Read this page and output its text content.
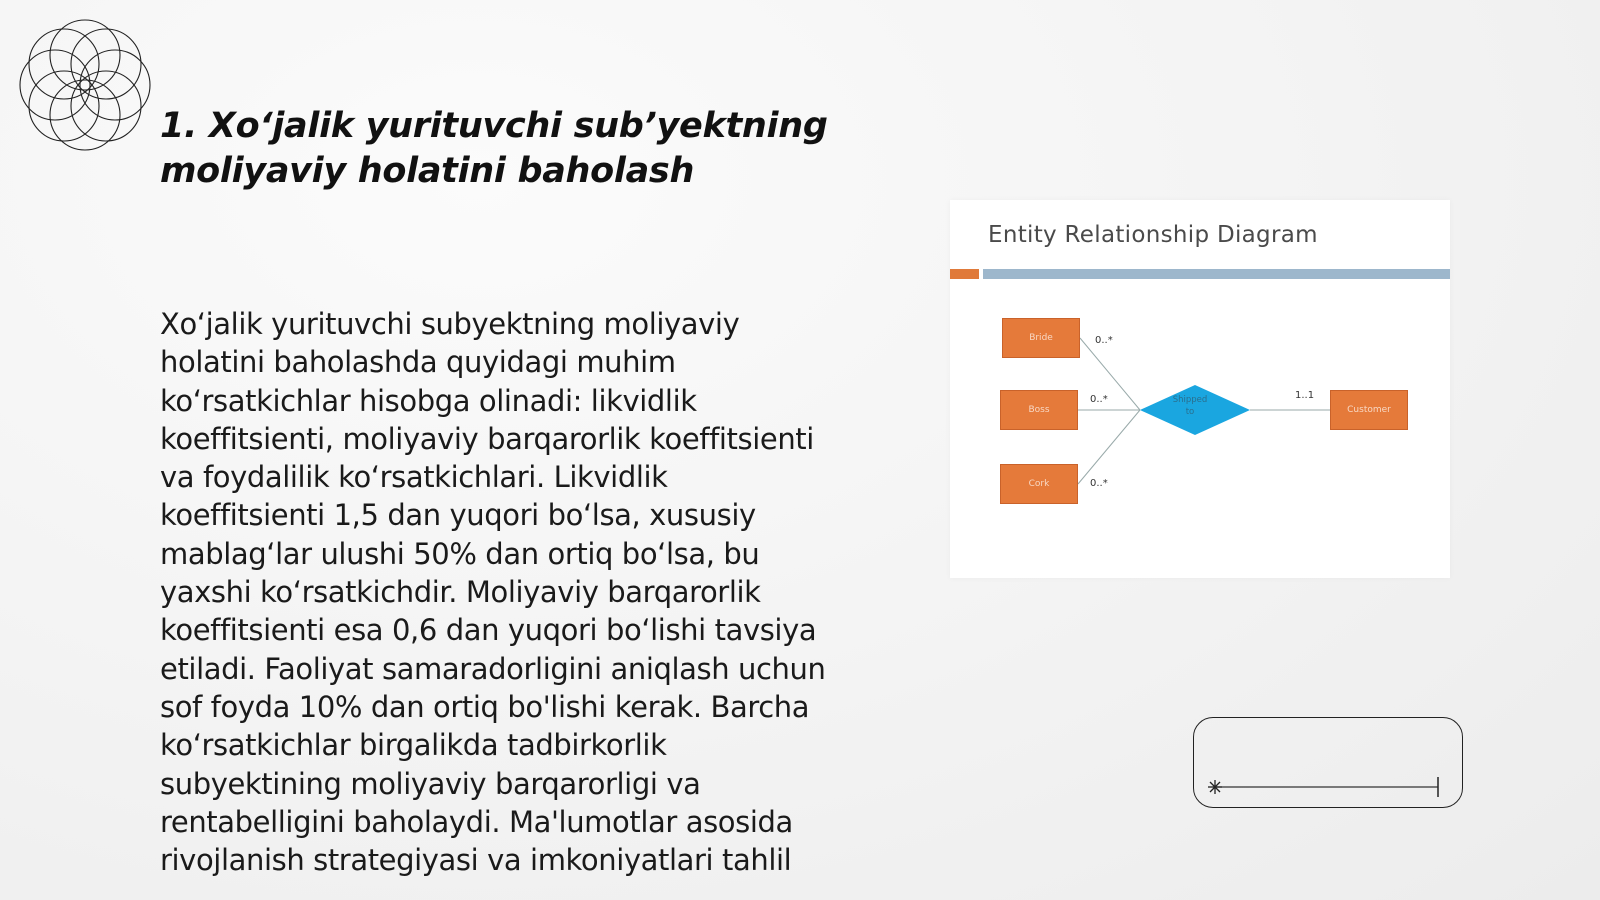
1. Xo‘jalik yurituvchi sub’yektning moliyaviy holatini baholash

Xo‘jalik yurituvchi subyektning moliyaviy holatini baholashda quyidagi muhim ko‘rsatkichlar hisobga olinadi: likvidlik koeffitsienti, moliyaviy barqarorlik koeffitsienti va foydalilik ko‘rsatkichlari. Likvidlik koeffitsienti 1,5 dan yuqori bo‘lsa, xususiy mablag‘lar ulushi 50% dan ortiq bo‘lsa, bu yaxshi ko‘rsatkichdir. Moliyaviy barqarorlik koeffitsienti esa 0,6 dan yuqori bo‘lishi tavsiya etiladi. Faoliyat samaradorligini aniqlash uchun sof foyda 10% dan ortiq bo'lishi kerak. Barcha ko‘rsatkichlar birgalikda tadbirkorlik subyektining moliyaviy barqarorligi va rentabelligini baholaydi. Ma'lumotlar asosida rivojlanish strategiyasi va imkoniyatlari tahlil

Entity Relationship Diagram
Bride
Boss
Cork
Customer
Shipped
to
0..*
0..*
0..*
1..1
